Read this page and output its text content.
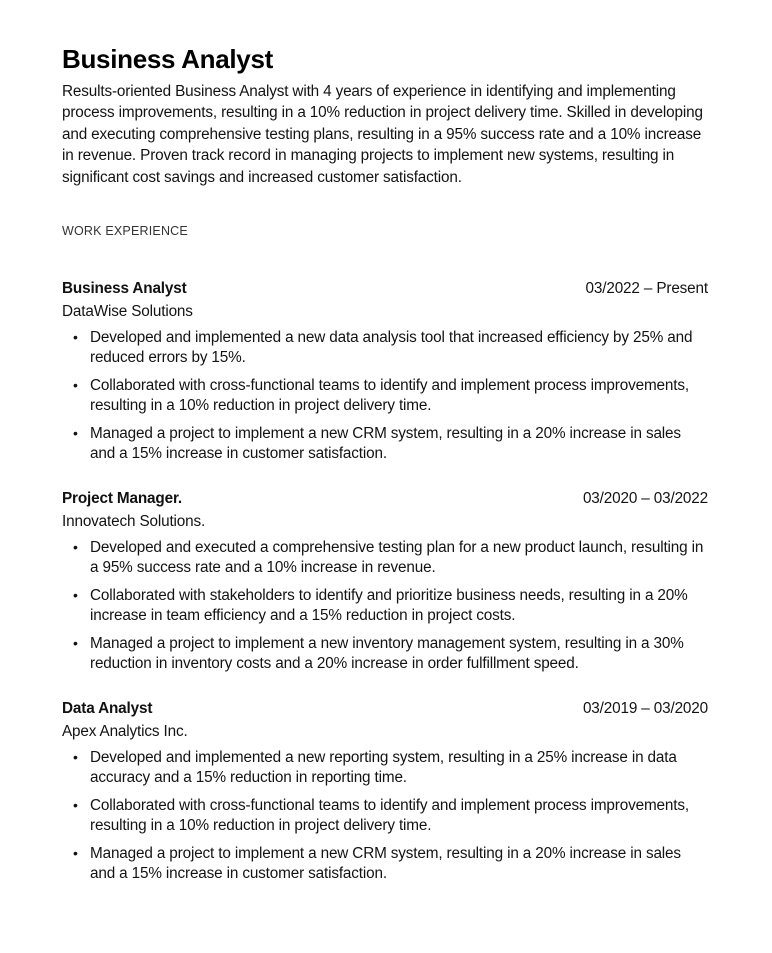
Business Analyst

Results-oriented Business Analyst with 4 years of experience in identifying and implementing process improvements, resulting in a 10% reduction in project delivery time. Skilled in developing and executing comprehensive testing plans, resulting in a 95% success rate and a 10% increase in revenue. Proven track record in managing projects to implement new systems, resulting in significant cost savings and increased customer satisfaction.

WORK EXPERIENCE
Business Analyst	03/2022 – Present
DataWise Solutions
• Developed and implemented a new data analysis tool that increased efficiency by 25% and reduced errors by 15%.
• Collaborated with cross-functional teams to identify and implement process improvements, resulting in a 10% reduction in project delivery time.
• Managed a project to implement a new CRM system, resulting in a 20% increase in sales and a 15% increase in customer satisfaction.
Project Manager.	03/2020 – 03/2022
Innovatech Solutions.
• Developed and executed a comprehensive testing plan for a new product launch, resulting in a 95% success rate and a 10% increase in revenue.
• Collaborated with stakeholders to identify and prioritize business needs, resulting in a 20% increase in team efficiency and a 15% reduction in project costs.
• Managed a project to implement a new inventory management system, resulting in a 30% reduction in inventory costs and a 20% increase in order fulfillment speed.
Data Analyst	03/2019 – 03/2020
Apex Analytics Inc.
• Developed and implemented a new reporting system, resulting in a 25% increase in data accuracy and a 15% reduction in reporting time.
• Collaborated with cross-functional teams to identify and implement process improvements, resulting in a 10% reduction in project delivery time.
• Managed a project to implement a new CRM system, resulting in a 20% increase in sales and a 15% increase in customer satisfaction.
